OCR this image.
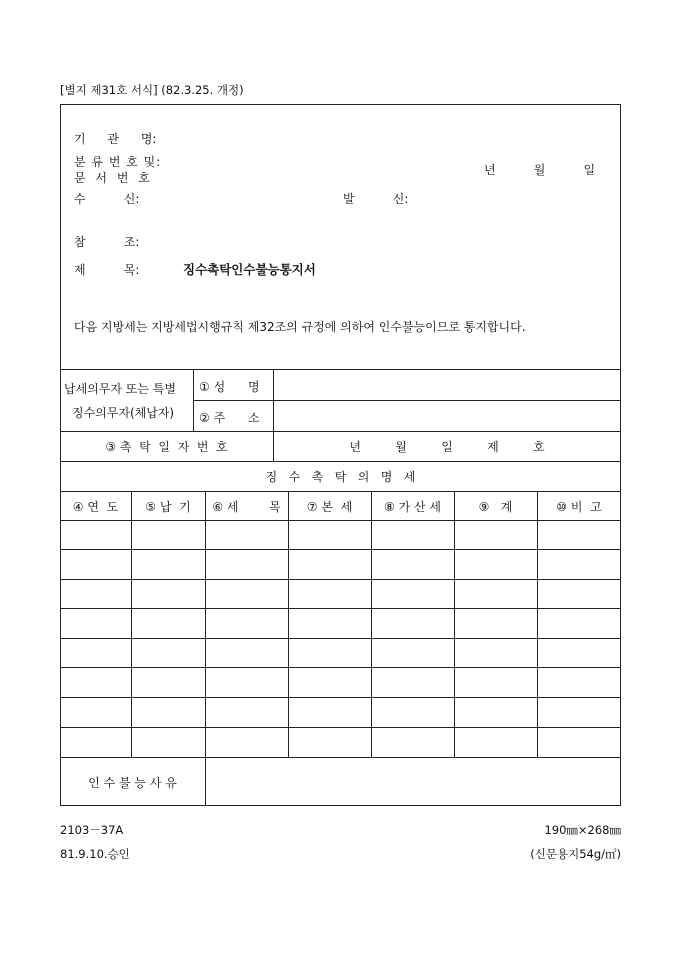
[별지 제31호 서식] (82.3.25. 개정)
기 관 명:
분 류 번 호 및:
문 서 번 호
년          월          일
수          신:	발          신:
참          조:
제          목:	징수촉탁인수불능통지서
다음 지방세는 지방세법시행규칙 제32조의 규정에 의하여 인수불능이므로 통지합니다.
납세의무자 또는 특별
징수의무자(체납자)
① 성      명
② 주      소
③ 촉  탁  일  자  번  호	년         월         일         제         호
징   수   촉   탁   의   명   세
④ 연  도	⑤ 납  기	⑥ 세        목	⑦ 본  세	⑧ 가 산 세	⑨   계	⑩ 비  고
인 수 불 능 사 유
2103－37A
81.9.10.승인
190㎜×268㎜
(신문용지54g/㎡)
